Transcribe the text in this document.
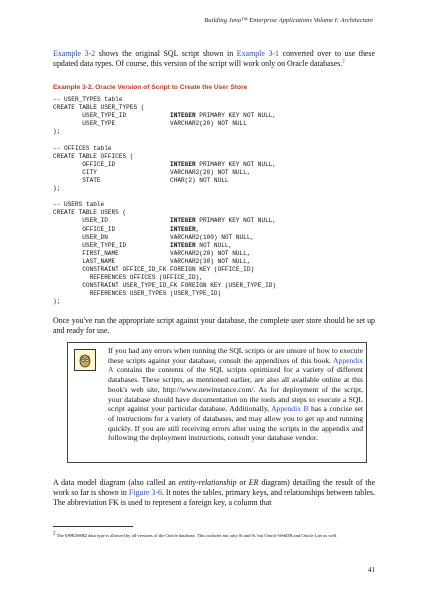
Building Java™ Enterprise Applications Volume I: Architecture

Example 3-2 shows the original SQL script shown in Example 3-1 converted over to use these updated data types. Of course, this version of the script will work only on Oracle databases.$^2$

Example 3-2. Oracle Version of Script to Create the User Store
-- USER_TYPES table
CREATE TABLE USER_TYPES (
USER_TYPE_ID            INTEGER PRIMARY KEY NOT NULL,
USER_TYPE               VARCHAR2(20) NOT NULL
);

-- OFFICES table
CREATE TABLE OFFICES (
OFFICE_ID               INTEGER PRIMARY KEY NOT NULL,
CITY                    VARCHAR2(20) NOT NULL,
STATE                   CHAR(2) NOT NULL
);

-- USERS table
CREATE TABLE USERS (
USER_ID                 INTEGER PRIMARY KEY NOT NULL,
OFFICE_ID               INTEGER,
USER_DN                 VARCHAR2(100) NOT NULL,
USER_TYPE_ID            INTEGER NOT NULL,
FIRST_NAME              VARCHAR2(20) NOT NULL,
LAST_NAME               VARCHAR2(30) NOT NULL,
CONSTRAINT OFFICE_ID_FK FOREIGN KEY (OFFICE_ID)
REFERENCES OFFICES (OFFICE_ID),
CONSTRAINT USER_TYPE_ID_FK FOREIGN KEY (USER_TYPE_ID)
REFERENCES USER_TYPES (USER_TYPE_ID)
);

Once you've run the appropriate script against your database, the complete user store should be set up and ready for use.

If you had any errors when running the SQL scripts or are unsure of how to execute these scripts against your database, consult the appendixes of this book. Appendix A contains the contents of the SQL scripts optimized for a variety of different databases. These scripts, as mentioned earlier, are also all available online at this book's web site, http://www.newinstance.com/. As for deployment of the script, your database should have documentation on the tools and steps to execute a SQL script against your particular database. Additionally, Appendix B has a concise set of instructions for a variety of databases, and may allow you to get up and running quickly. If you are still receiving errors after using the scripts in the appendix and following the deployment instructions, consult your database vendor.

A data model diagram (also called an entity-relationship or ER diagram) detailing the result of the work so far is shown in Figure 3-6. It notes the tables, primary keys, and relationships between tables. The abbreviation FK is used to represent a foreign key, a column that

2 The VARCHAR2 data type is allowed by all versions of the Oracle database. This includes not only 8i and 9i, but Oracle WebDB and Oracle Lite as well.

41
